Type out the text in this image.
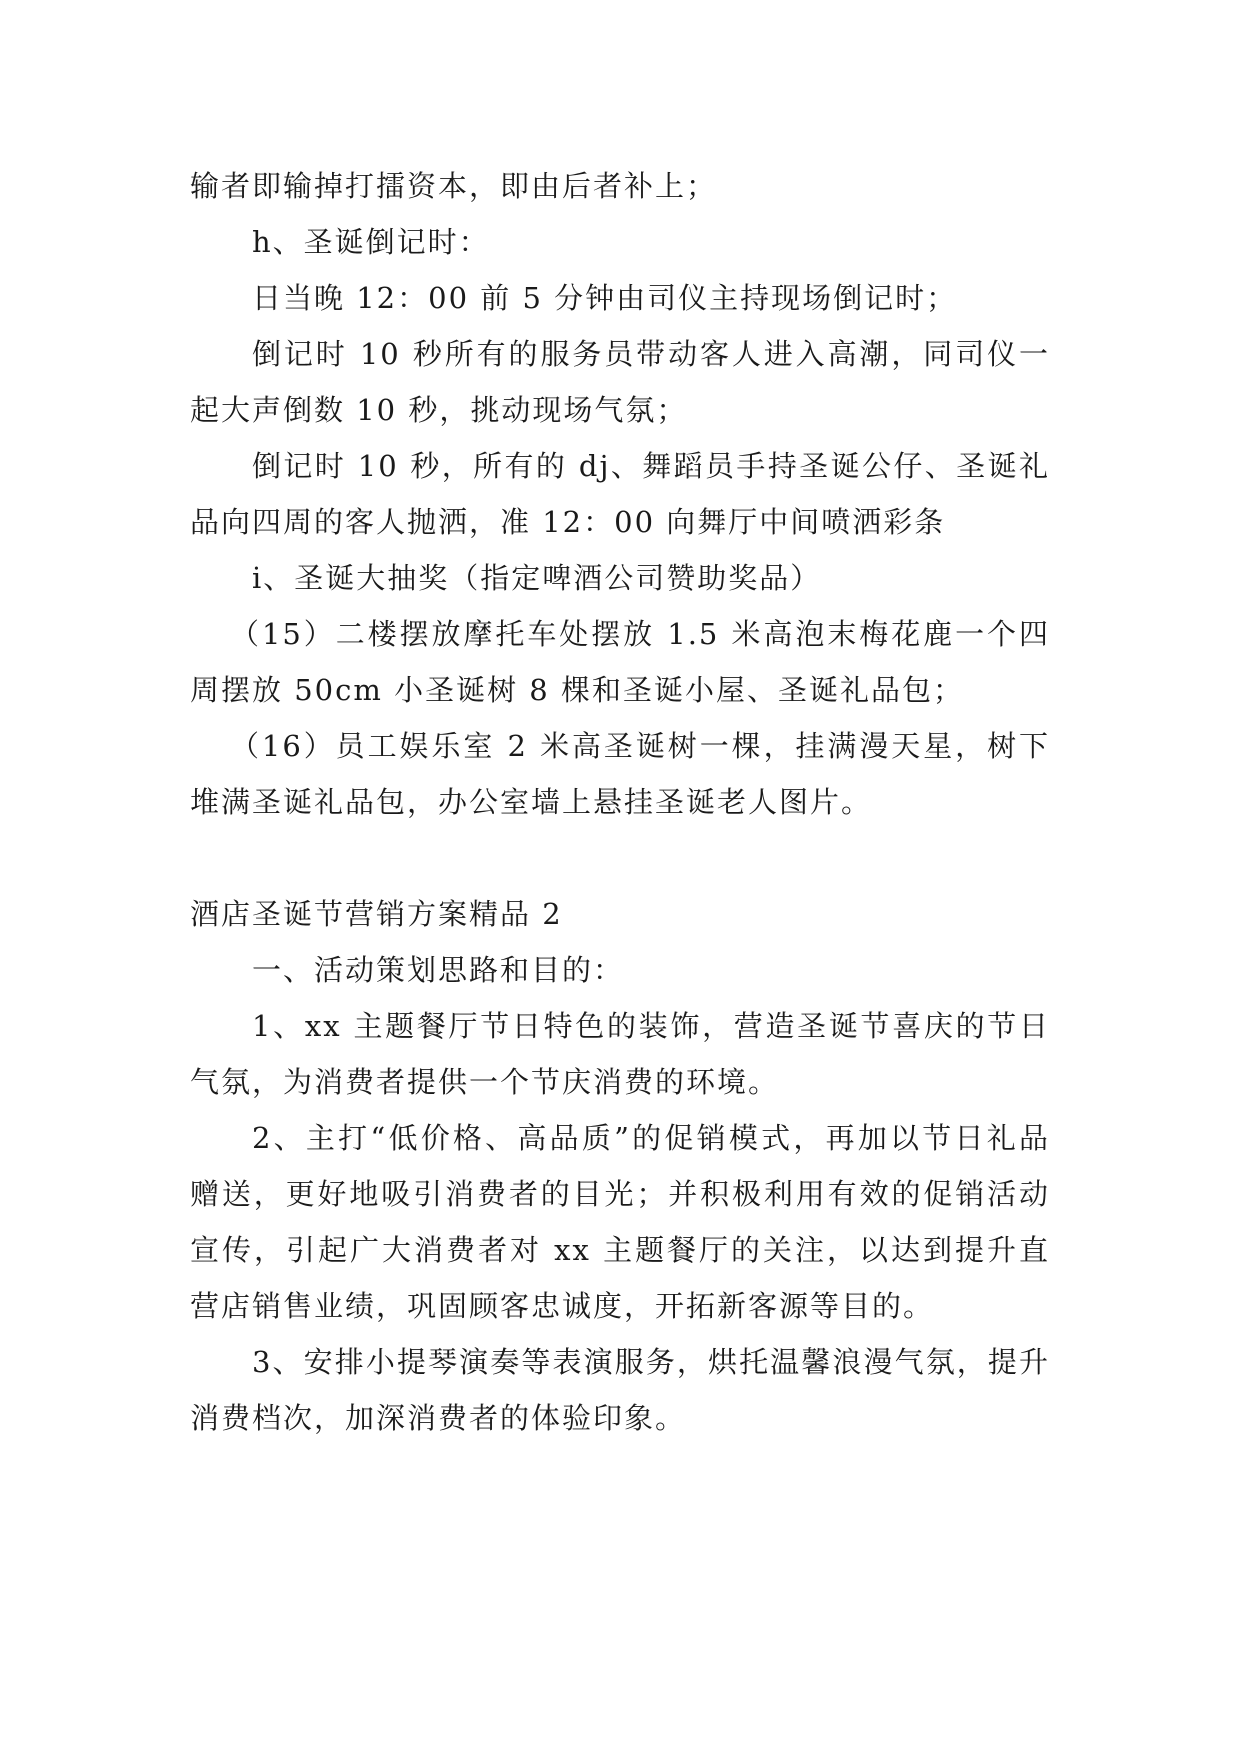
输者即输掉打擂资本，即由后者补上；

h、圣诞倒记时：

日当晚 12：00 前 5 分钟由司仪主持现场倒记时；

倒记时 10 秒所有的服务员带动客人进入高潮，同司仪一起大声倒数 10 秒，挑动现场气氛；

倒记时 10 秒，所有的 dj、舞蹈员手持圣诞公仔、圣诞礼品向四周的客人抛洒，准 12：00 向舞厅中间喷洒彩条

i、圣诞大抽奖（指定啤酒公司赞助奖品）

（15）二楼摆放摩托车处摆放 1.5 米高泡末梅花鹿一个四周摆放 50cm 小圣诞树 8 棵和圣诞小屋、圣诞礼品包；

（16）员工娱乐室 2 米高圣诞树一棵，挂满漫天星，树下堆满圣诞礼品包，办公室墙上悬挂圣诞老人图片。

酒店圣诞节营销方案精品 2

一、活动策划思路和目的：

1、xx 主题餐厅节日特色的装饰，营造圣诞节喜庆的节日气氛，为消费者提供一个节庆消费的环境。

2、主打“低价格、高品质”的促销模式，再加以节日礼品赠送，更好地吸引消费者的目光；并积极利用有效的促销活动宣传，引起广大消费者对 xx 主题餐厅的关注，以达到提升直营店销售业绩，巩固顾客忠诚度，开拓新客源等目的。

3、安排小提琴演奏等表演服务，烘托温馨浪漫气氛，提升消费档次，加深消费者的体验印象。
